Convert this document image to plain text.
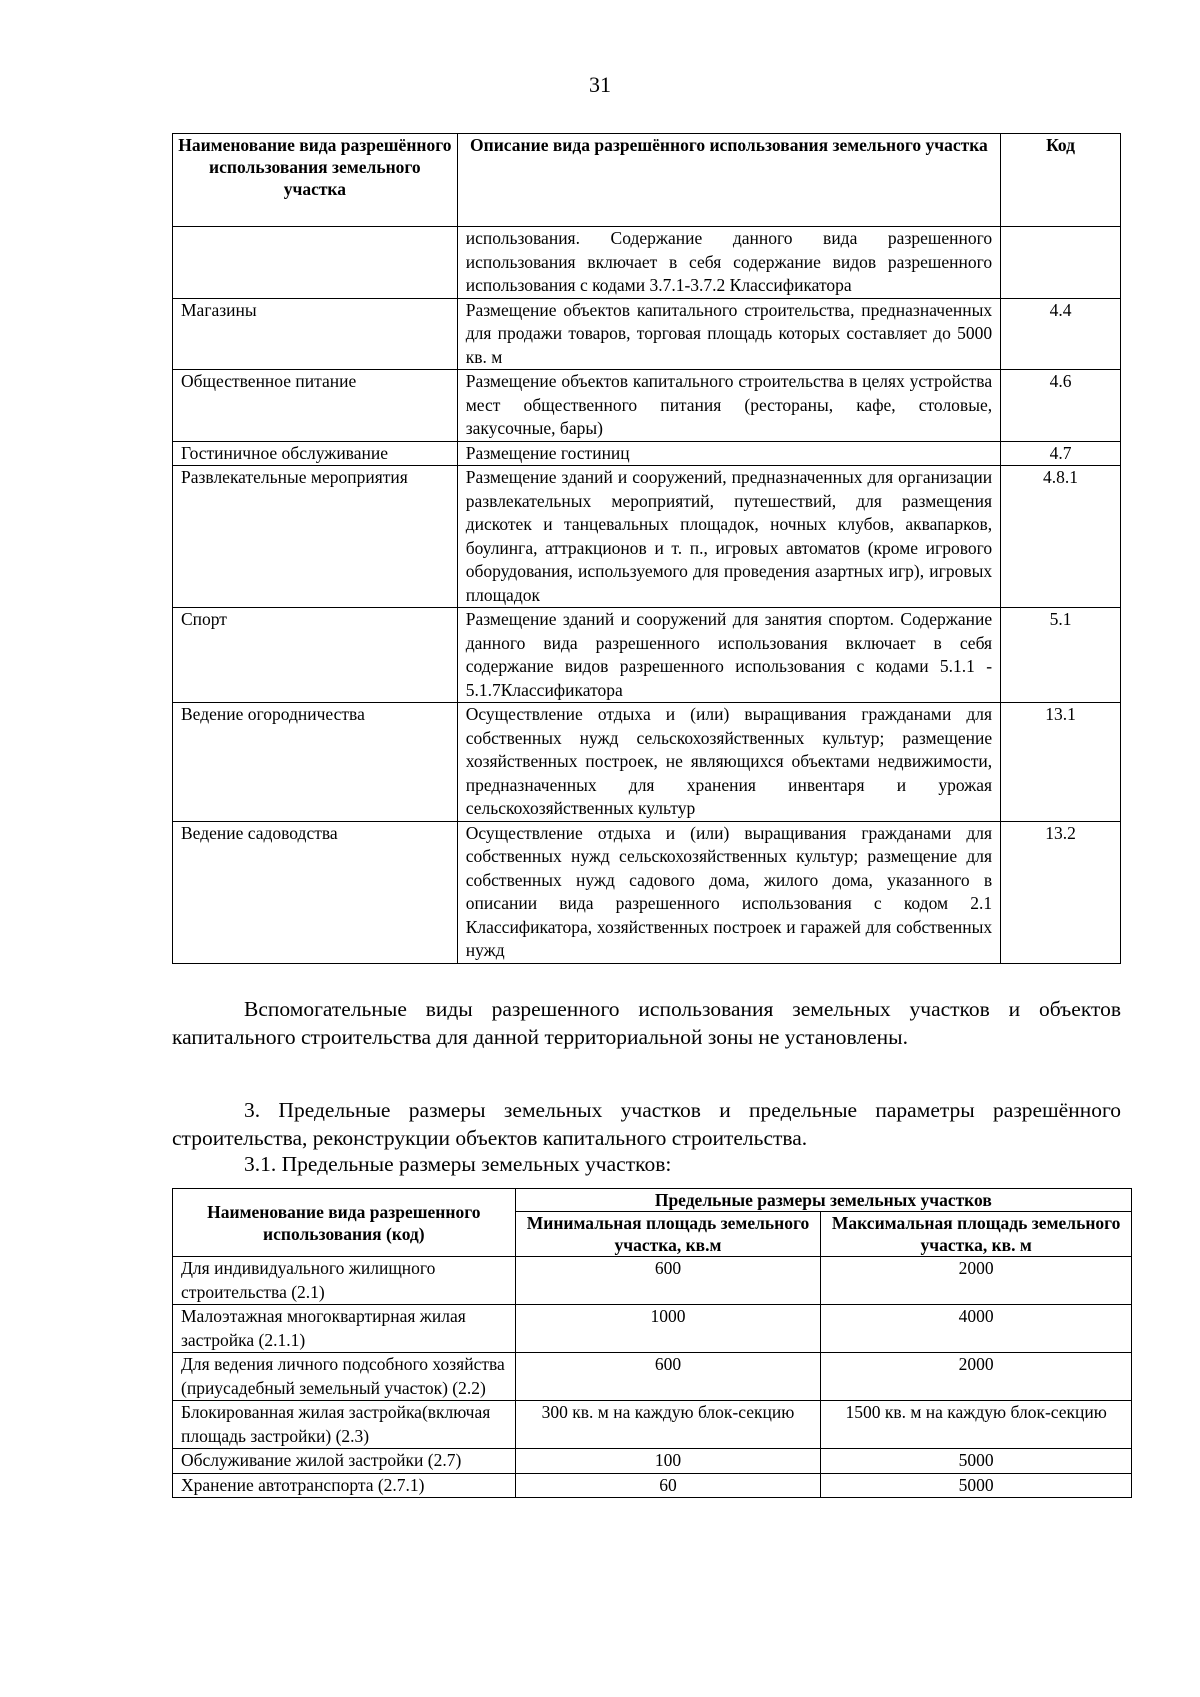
31
Наименование вида разрешённого использования земельного участка	Описание вида разрешённого использования земельного участка	Код
	использования. Содержание данного вида разрешенного использования включает в себя содержание видов разрешенного использования с кодами 3.7.1-3.7.2 Классификатора	
Магазины	Размещение объектов капитального строительства, предназначенных для продажи товаров, торговая площадь которых составляет до 5000 кв. м	4.4
Общественное питание	Размещение объектов капитального строительства в целях устройства мест общественного питания (рестораны, кафе, столовые, закусочные, бары)	4.6
Гостиничное обслуживание	Размещение гостиниц	4.7
Развлекательные мероприятия	Размещение зданий и сооружений, предназначенных для организации развлекательных мероприятий, путешествий, для размещения дискотек и танцевальных площадок, ночных клубов, аквапарков, боулинга, аттракционов и т. п., игровых автоматов (кроме игрового оборудования, используемого для проведения азартных игр), игровых площадок	4.8.1
Спорт	Размещение зданий и сооружений для занятия спортом. Содержание данного вида разрешенного использования включает в себя содержание видов разрешенного использования с кодами 5.1.1 - 5.1.7Классификатора	5.1
Ведение огородничества	Осуществление отдыха и (или) выращивания гражданами для собственных нужд сельскохозяйственных культур; размещение хозяйственных построек, не являющихся объектами недвижимости, предназначенных для хранения инвентаря и урожая сельскохозяйственных культур	13.1
Ведение садоводства	Осуществление отдыха и (или) выращивания гражданами для собственных нужд сельскохозяйственных культур; размещение для собственных нужд садового дома, жилого дома, указанного в описании вида разрешенного использования с кодом 2.1 Классификатора, хозяйственных построек и гаражей для собственных нужд	13.2

Вспомогательные виды разрешенного использования земельных участков и объектов капитального строительства для данной территориальной зоны не установлены.

3. Предельные размеры земельных участков и предельные параметры разрешённого строительства, реконструкции объектов капитального строительства.

3.1. Предельные размеры земельных участков:

Наименование вида разрешенного использования (код)	Предельные размеры земельных участков	
	Минимальная площадь земельного участка, кв.м	Максимальная площадь земельного участка, кв. м
Для индивидуального жилищного строительства (2.1)	600	2000
Малоэтажная многоквартирная жилая застройка (2.1.1)	1000	4000
Для ведения личного подсобного хозяйства (приусадебный земельный участок) (2.2)	600	2000
Блокированная жилая застройка(включая площадь застройки) (2.3)	300 кв. м на каждую блок-секцию	1500 кв. м на каждую блок-секцию
Обслуживание жилой застройки (2.7)	100	5000
Хранение автотранспорта (2.7.1)	60	5000
